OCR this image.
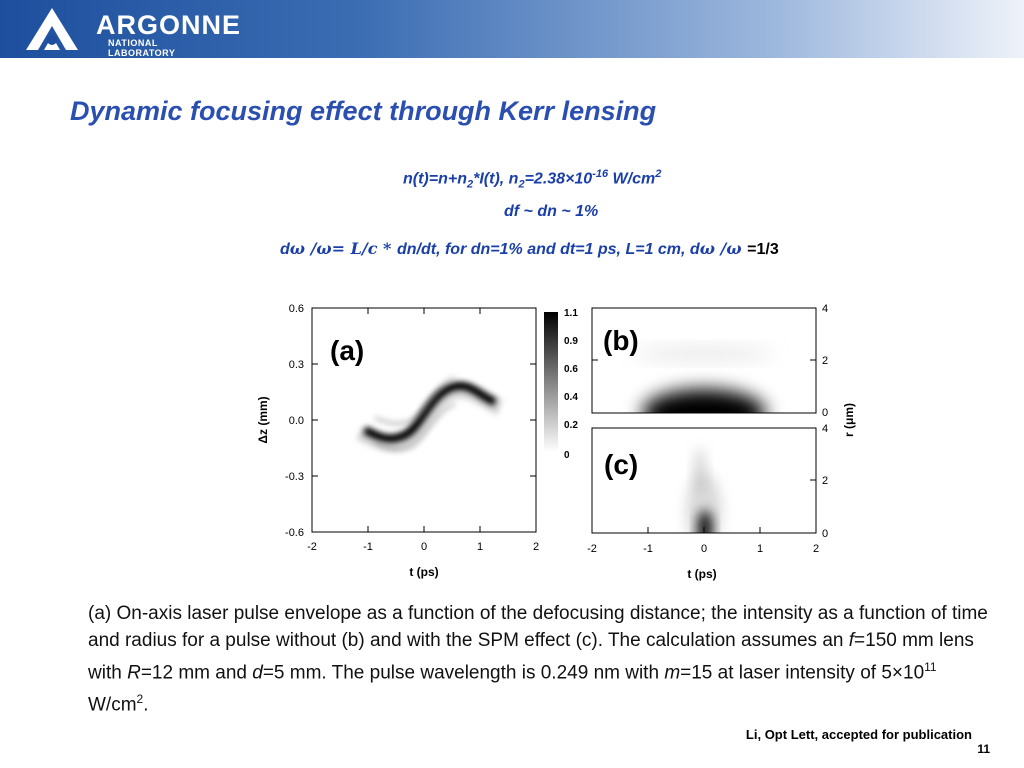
ARGONNE
NATIONAL LABORATORY
Dynamic focusing effect through Kerr lensing
$n(t)=n+n_2*I(t)$, $n_2=2.38\times 10^{-16}$ $W/cm^2$
df ~ dn ~ 1%
dω /ω= L/c * dn/dt, for dn=1% and dt=1 ps, L=1 cm, dω /ω =1/3
0.6
0.3
0.0
-0.3
-0.6
-2	-1	0	1	2
t (ps)
Δz (mm)
(a)
1.1
0.9
0.6
0.4
0.2
0
4
2
0
(b)
4
2
0
-2	-1	0	1	2
t (ps)
(c)
r (μm)

(a) On-axis laser pulse envelope as a function of the defocusing distance; the intensity as a function of time and radius for a pulse without (b) and with the SPM effect (c). The calculation assumes an f=150 mm lens with R=12 mm and d=5 mm. The pulse wavelength is 0.249 nm with m=15 at laser intensity of $5\times 10^{11}$ $W/cm^2$.

Li, Opt Lett, accepted for publication
11
